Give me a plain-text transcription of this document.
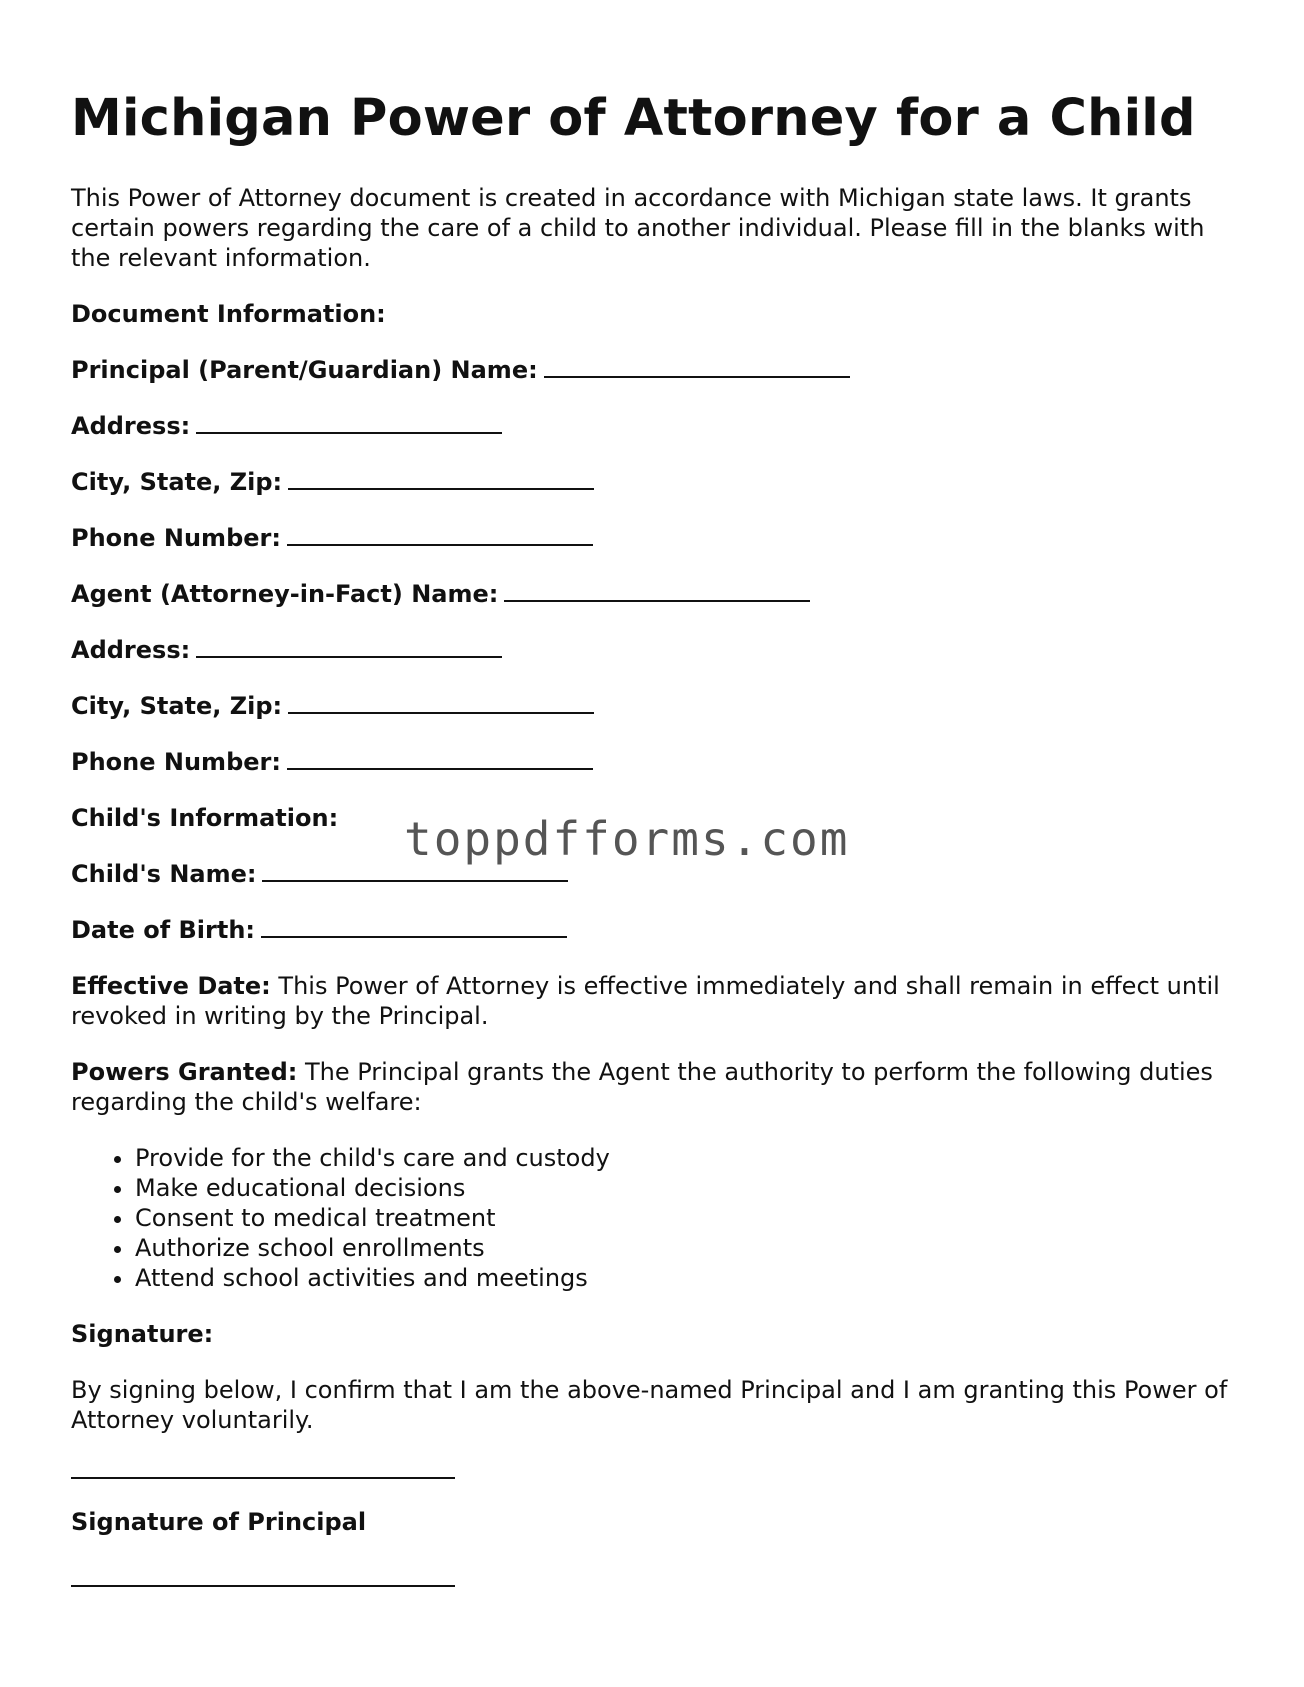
Michigan Power of Attorney for a Child

This Power of Attorney document is created in accordance with Michigan state laws. It grants certain powers regarding the care of a child to another individual. Please fill in the blanks with the relevant information.

Document Information:

Principal (Parent/Guardian) Name:
Address:
City, State, Zip:
Phone Number:
Agent (Attorney-in-Fact) Name:
Address:
City, State, Zip:
Phone Number:

Child's Information:

Child's Name:
Date of Birth:

Effective Date: This Power of Attorney is effective immediately and shall remain in effect until revoked in writing by the Principal.

Powers Granted: The Principal grants the Agent the authority to perform the following duties regarding the child's welfare:

• Provide for the child's care and custody
• Make educational decisions
• Consent to medical treatment
• Authorize school enrollments
• Attend school activities and meetings

Signature:

By signing below, I confirm that I am the above-named Principal and I am granting this Power of Attorney voluntarily.

Signature of Principal

toppdfforms.com
